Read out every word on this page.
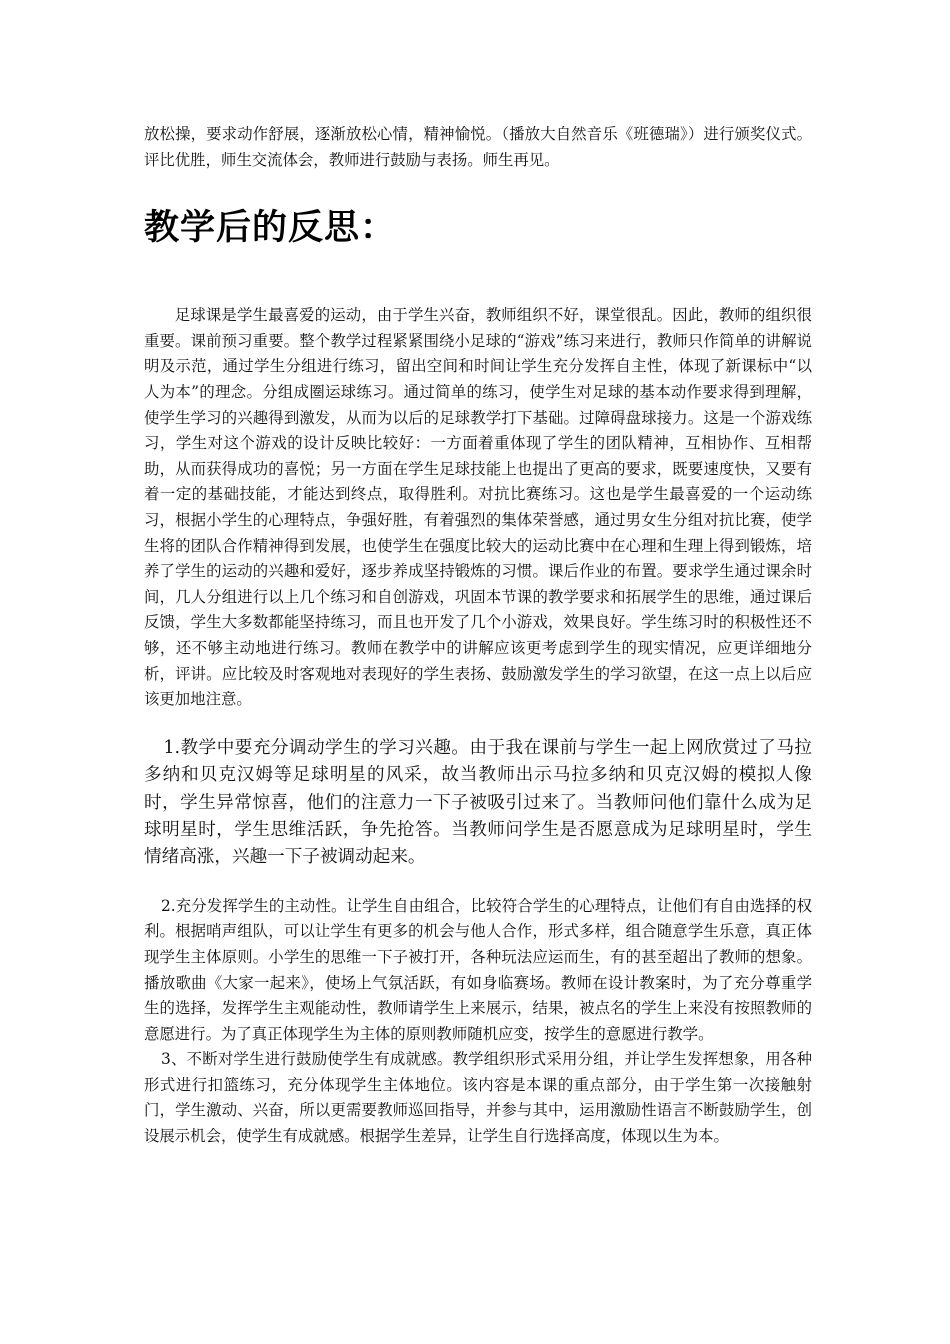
放松操，要求动作舒展，逐渐放松心情，精神愉悦。（播放大自然音乐《班德瑞》）进行颁奖仪式。评比优胜，师生交流体会，教师进行鼓励与表扬。师生再见。

教学后的反思：

足球课是学生最喜爱的运动，由于学生兴奋，教师组织不好，课堂很乱。因此，教师的组织很重要。课前预习重要。整个教学过程紧紧围绕小足球的“游戏”练习来进行，教师只作简单的讲解说明及示范，通过学生分组进行练习，留出空间和时间让学生充分发挥自主性，体现了新课标中“以人为本”的理念。分组成圈运球练习。通过简单的练习，使学生对足球的基本动作要求得到理解，使学生学习的兴趣得到激发，从而为以后的足球教学打下基础。过障碍盘球接力。这是一个游戏练习，学生对这个游戏的设计反映比较好：一方面着重体现了学生的团队精神，互相协作、互相帮助，从而获得成功的喜悦；另一方面在学生足球技能上也提出了更高的要求，既要速度快，又要有着一定的基础技能，才能达到终点，取得胜利。对抗比赛练习。这也是学生最喜爱的一个运动练习，根据小学生的心理特点，争强好胜，有着强烈的集体荣誉感，通过男女生分组对抗比赛，使学生将的团队合作精神得到发展，也使学生在强度比较大的运动比赛中在心理和生理上得到锻炼，培养了学生的运动的兴趣和爱好，逐步养成坚持锻炼的习惯。课后作业的布置。要求学生通过课余时间，几人分组进行以上几个练习和自创游戏，巩固本节课的教学要求和拓展学生的思维，通过课后反馈，学生大多数都能坚持练习，而且也开发了几个小游戏，效果良好。学生练习时的积极性还不够，还不够主动地进行练习。教师在教学中的讲解应该更考虑到学生的现实情况，应更详细地分析，评讲。应比较及时客观地对表现好的学生表扬、鼓励激发学生的学习欲望，在这一点上以后应该更加地注意。

1.教学中要充分调动学生的学习兴趣。由于我在课前与学生一起上网欣赏过了马拉多纳和贝克汉姆等足球明星的风采，故当教师出示马拉多纳和贝克汉姆的模拟人像时，学生异常惊喜，他们的注意力一下子被吸引过来了。当教师问他们靠什么成为足球明星时，学生思维活跃，争先抢答。当教师问学生是否愿意成为足球明星时，学生情绪高涨，兴趣一下子被调动起来。

2.充分发挥学生的主动性。让学生自由组合，比较符合学生的心理特点，让他们有自由选择的权利。根据哨声组队，可以让学生有更多的机会与他人合作，形式多样，组合随意学生乐意，真正体现学生主体原则。小学生的思维一下子被打开，各种玩法应运而生，有的甚至超出了教师的想象。播放歌曲《大家一起来》，使场上气氛活跃，有如身临赛场。教师在设计教案时，为了充分尊重学生的选择，发挥学生主观能动性，教师请学生上来展示，结果，被点名的学生上来没有按照教师的意愿进行。为了真正体现学生为主体的原则教师随机应变，按学生的意愿进行教学。

3、不断对学生进行鼓励使学生有成就感。教学组织形式采用分组，并让学生发挥想象，用各种形式进行扣篮练习，充分体现学生主体地位。该内容是本课的重点部分，由于学生第一次接触射门，学生激动、兴奋，所以更需要教师巡回指导，并参与其中，运用激励性语言不断鼓励学生，创设展示机会，使学生有成就感。根据学生差异，让学生自行选择高度，体现以生为本。
